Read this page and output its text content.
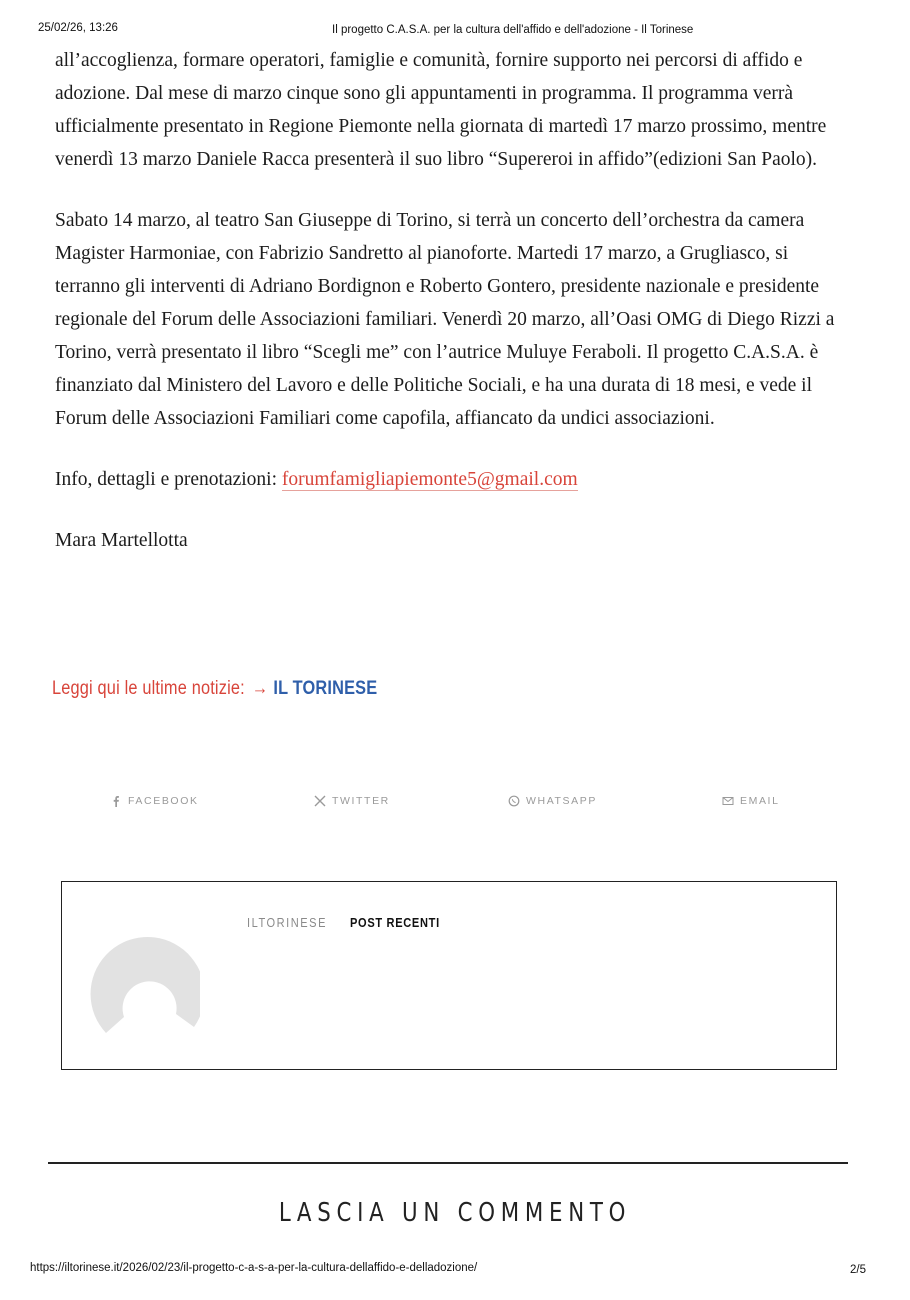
25/02/26, 13:26	Il progetto C.A.S.A. per la cultura dell'affido e dell'adozione - Il Torinese

all’accoglienza, formare operatori, famiglie e comunità, fornire supporto nei percorsi di affido e adozione. Dal mese di marzo cinque sono gli appuntamenti in programma. Il programma verrà ufficialmente presentato in Regione Piemonte nella giornata di martedì 17 marzo prossimo, mentre venerdì 13 marzo Daniele Racca presenterà il suo libro “Supereroi in affido”(edizioni San Paolo).

Sabato 14 marzo, al teatro San Giuseppe di Torino, si terrà un concerto dell’orchestra da camera Magister Harmoniae, con Fabrizio Sandretto al pianoforte. Martedi 17 marzo, a Grugliasco, si terranno gli interventi di Adriano Bordignon e Roberto Gontero, presidente nazionale e presidente regionale del Forum delle Associazioni familiari. Venerdì 20 marzo, all’Oasi OMG di Diego Rizzi a Torino, verrà presentato il libro “Scegli me” con l’autrice Muluye Feraboli. Il progetto C.A.S.A. è finanziato dal Ministero del Lavoro e delle Politiche Sociali, e ha una durata di 18 mesi, e vede il Forum delle Associazioni Familiari come capofila, affiancato da undici associazioni.

Info, dettagli e prenotazioni: forumfamigliapiemonte5@gmail.com

Mara Martellotta

Leggi qui le ultime notizie: → IL TORINESE
FACEBOOK	TWITTER	WHATSAPP	EMAIL
ILTORINESE POST RECENTI
LASCIA UN COMMENTO
https://iltorinese.it/2026/02/23/il-progetto-c-a-s-a-per-la-cultura-dellaffido-e-delladozione/	2/5
